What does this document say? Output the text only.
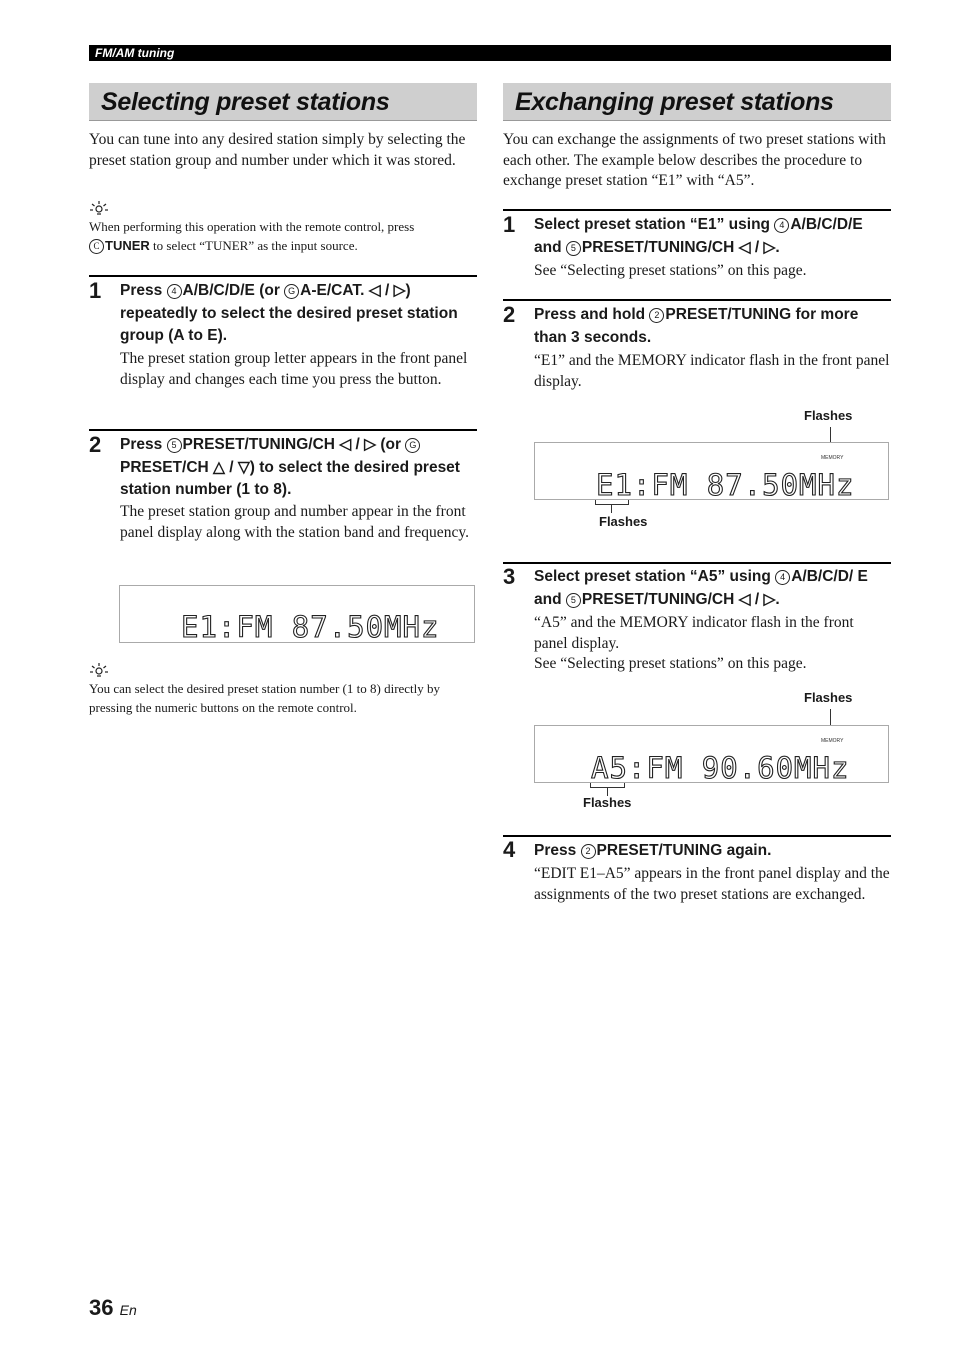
FM/AM tuning
Selecting preset stations
You can tune into any desired station simply by selecting the preset station group and number under which it was stored.
When performing this operation with the remote control, press
C TUNER to select “TUNER” as the input source.
1 Press 4 A/B/C/D/E (or G A-E/CAT. ◁ / ▷) repeatedly to select the desired preset station group (A to E).
The preset station group letter appears in the front panel display and changes each time you press the button.
2 Press 5 PRESET/TUNING/CH ◁ / ▷ (or GPRESET/CH △ / ▽) to select the desired preset station number (1 to 8).
The preset station group and number appear in the front panel display along with the station band and frequency.
E1:FM 87.50MHz
You can select the desired preset station number (1 to 8) directly by pressing the numeric buttons on the remote control.
Exchanging preset stations
You can exchange the assignments of two preset stations with each other. The example below describes the procedure to exchange preset station “E1” with “A5”.
1 Select preset station “E1” using 4 A/B/C/D/E and 5 PRESET/TUNING/CH ◁ / ▷.
See “Selecting preset stations” on this page.
2 Press and hold 2 PRESET/TUNING for more than 3 seconds.
“E1” and the MEMORY indicator flash in the front panel display.
Flashes
MEMORY
E1:FM 87.50MHz
Flashes
3 Select preset station “A5” using 4 A/B/C/D/ E and 5 PRESET/TUNING/CH ◁ / ▷.
“A5” and the MEMORY indicator flash in the front panel display.
See “Selecting preset stations” on this page.
Flashes
MEMORY
A5:FM 90.60MHz
Flashes
4 Press 2 PRESET/TUNING again.
“EDIT E1–A5” appears in the front panel display and the assignments of the two preset stations are exchanged.
36 En
